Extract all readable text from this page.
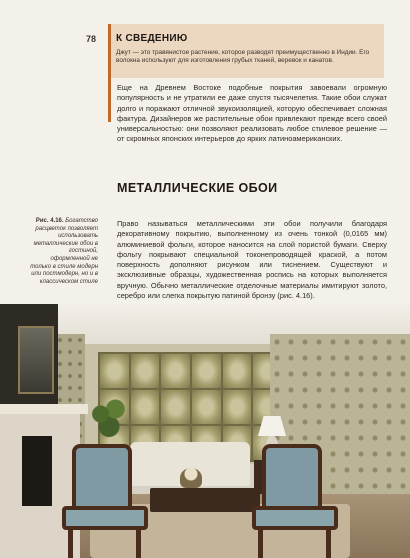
78 К СВЕДЕНИЮ
Джут — это травянистое растение, которое разводят преимущественно в Индии. Его волокна используют для изготовления грубых тканей, веревок и канатов.

Еще на Древнем Востоке подобные покрытия завоевали огромную популярность и не утратили ее даже спустя тысячелетия. Такие обои служат долго и поражают отличной звукоизоляцией, которую обеспечивает сложная фактура. Дизайнеров же растительные обои привлекают прежде всего своей универсальностью: они позволяют реализовать любое стилевое решение — от скромных японских интерьеров до ярких латиноамериканских.

МЕТАЛЛИЧЕСКИЕ ОБОИ

Право называться металлическими эти обои получили благодаря декоративному покрытию, выполненному из очень тонкой (0,0165 мм) алюминиевой фольги, которое наносится на слой пористой бумаги. Сверху фольгу покрывают специальной токонепроводящей краской, а потом поверхность дополняют рисунком или тиснением. Существуют и эксклюзивные образцы, художественная роспись на которых выполняется вручную. Обычно металлические отделочные материалы имитируют золото, серебро или слегка покрытую патиной бронзу (рис. 4.16).

Рис. 4.16. Богатство расцветок позволяет использовать металлические обои в гостиной, оформленной не только в стиле модерн или постмодерн, но и в классическом стиле
